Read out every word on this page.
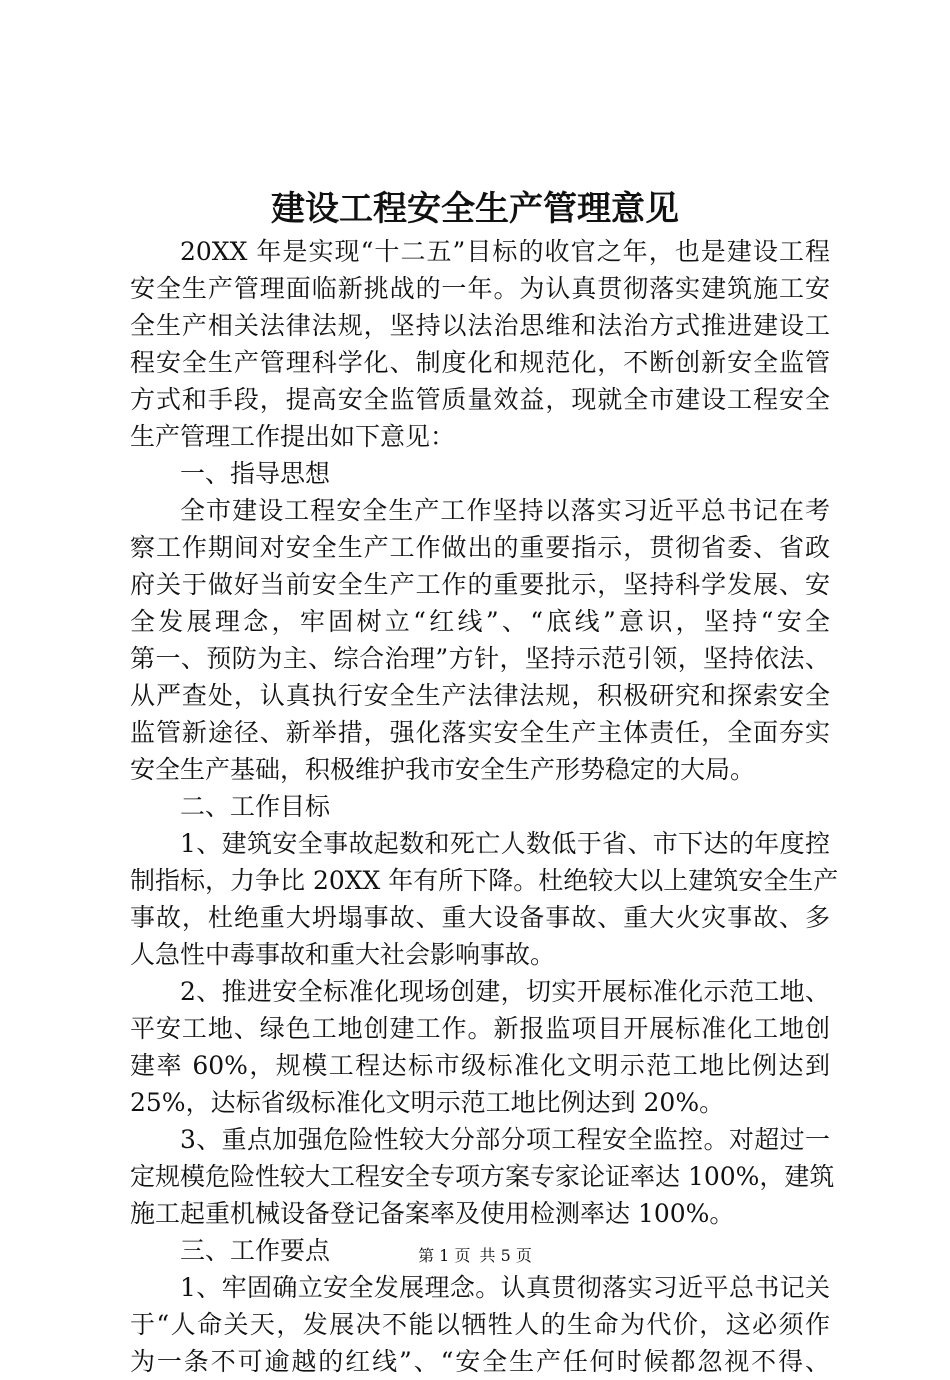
建设工程安全生产管理意见
20XX 年是实现“十二五”目标的收官之年，也是建设工程
安全生产管理面临新挑战的一年。为认真贯彻落实建筑施工安
全生产相关法律法规，坚持以法治思维和法治方式推进建设工
程安全生产管理科学化、制度化和规范化，不断创新安全监管
方式和手段，提高安全监管质量效益，现就全市建设工程安全
生产管理工作提出如下意见：
一、指导思想
全市建设工程安全生产工作坚持以落实习近平总书记在考
察工作期间对安全生产工作做出的重要指示，贯彻省委、省政
府关于做好当前安全生产工作的重要批示，坚持科学发展、安
全发展理念，牢固树立“红线”、“底线”意识，坚持“安全
第一、预防为主、综合治理”方针，坚持示范引领，坚持依法、
从严查处，认真执行安全生产法律法规，积极研究和探索安全
监管新途径、新举措，强化落实安全生产主体责任，全面夯实
安全生产基础，积极维护我市安全生产形势稳定的大局。
二、工作目标
1、建筑安全事故起数和死亡人数低于省、市下达的年度控
制指标，力争比 20XX 年有所下降。杜绝较大以上建筑安全生产
事故，杜绝重大坍塌事故、重大设备事故、重大火灾事故、多
人急性中毒事故和重大社会影响事故。
2、推进安全标准化现场创建，切实开展标准化示范工地、
平安工地、绿色工地创建工作。新报监项目开展标准化工地创
建率 60%，规模工程达标市级标准化文明示范工地比例达到
25%，达标省级标准化文明示范工地比例达到 20%。
3、重点加强危险性较大分部分项工程安全监控。对超过一
定规模危险性较大工程安全专项方案专家论证率达 100%，建筑
施工起重机械设备登记备案率及使用检测率达 100%。
三、工作要点
1、牢固确立安全发展理念。认真贯彻落实习近平总书记关
于“人命关天，发展决不能以牺牲人的生命为代价，这必须作
为一条不可逾越的红线”、“安全生产任何时候都忽视不得、
第 1 页 共 5 页
